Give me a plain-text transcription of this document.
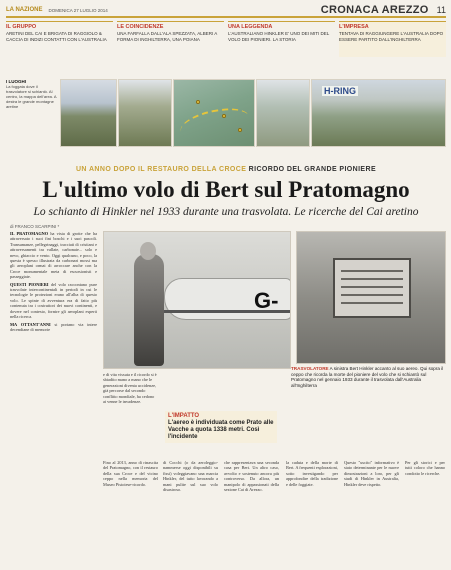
LA NAZIONE DOMENICA 27 LUGLIO 2014	CRONACA AREZZO 11
IL GRUPPO
ARETINI DEL CAI E BRIGATA DI RAGGIOLO & CACCIA DI INDIZI CONTATTI CON L'AUSTRALIA
LE COINCIDENZE
UNA FARFALLA DALL'ALA SPEZZATA, ALBERI A FORMA DI INGHILTERRA, UNA POIANA
UNA LEGGENDA
L'AUSTRALIANO HINKLER E' UNO DEI MITI DEL VOLO DEI PIONIERI. LA STORIA
L'IMPRESA
TENTAVA DI RAGGIUNGERE L'AUSTRALIA DOPO ESSERE PARTITO DALL'INGHILTERRA
I LUOGHI
La foggata dove il trasvolatore si schiantò. Al centro, la mappa dell'area. A destra le grande montagne aretine
H-RING
UN ANNO DOPO IL RESTAURO DELLA CROCE RICORDO DEL GRANDE PIONIERE
L'ultimo volo di Bert sul Pratomagno
Lo schianto di Hinkler nel 1933 durante una trasvolata. Le ricerche del Cai aretino
di FRANCO SCARPINI *

IL PRATOMAGNO ha vista di grotte che ha attraversato i suoi fini boschi e i suoi pascoli. Transumanze, pellegrinaggi, tracciati di cristiani e attraversamenti tra vallate, carbonaie... solo e nevo, ghiaccio e vento. Oggi qualcuno, e poco, la questa è spesso illustrata da carbonari mossi ma gli aeroplani ormai di arroccare anche con la Croce monumentale meta di escursionisti e passeggiate.

QUESTI PIONIERI del volo raccontano pure trasvolate intercontinentali in periodi in cui le tecnologie le protezioni erano all'alba di questo volo. Le spinte di avventura era di fatto più contenuta tra i costruttori dei nuovi continenti, e dovere nel contesto, fornire gli aeroplani esperti nella ricerca.

MA OTTANT'ANNI si portano via intere decendiane di memorie

G-
TRASVOLATORE A sinistra Bert Hinkler accanto al suo aereo. Qui sopra il ceppo che ricorda la morte del pioniere del volo che si schiantò sul Pratomagno nel gennaio 1933 durante il trasvolata dall'Australia all'Inghilterra
e di vita vissuta e il ricordo si è sbiadito mano a mano che le generazioni diventa uccidenze, già percorse dal secondo conflitto mondiale, ha cedono ai venne le invadenze.
L'IMPATTO
L'aereo è individuata come Prato alle Vacche a quota 1338 metri. Così l'incidente
Fino al 2013, anno di rinascita del Pratomagno, con il restauro della sua Croce e del vicino ceppo nella memoria del Museo Pistoiese-ricordo.
di Cocchi (o da aeroleggio-nammerse oggi disponibili su fissi) voleggiavano una marcia Hinkler, del tutto lavorando a mani pulite sul suo volo disastroso.
che rappresentava una seconda casa per Bert. Un altro caso, avvolto e sostenuto ancora più controverso. Da allora, un manipolo di appassionati della sezione Cai di Arezzo.
la caduta e della morte di Bert. A frequenti esplorazioni, sotto investigando per approfondire della tradizione e delle foggiate.
Questo "uscito" informativo è stato determinante per le nuove dimostrazioni a loro, per gli studi di Hinkler in Australia, Hinkler deve rispetto.
Per gli storici e per tutti coloro che hanno condotto le ricerche.
